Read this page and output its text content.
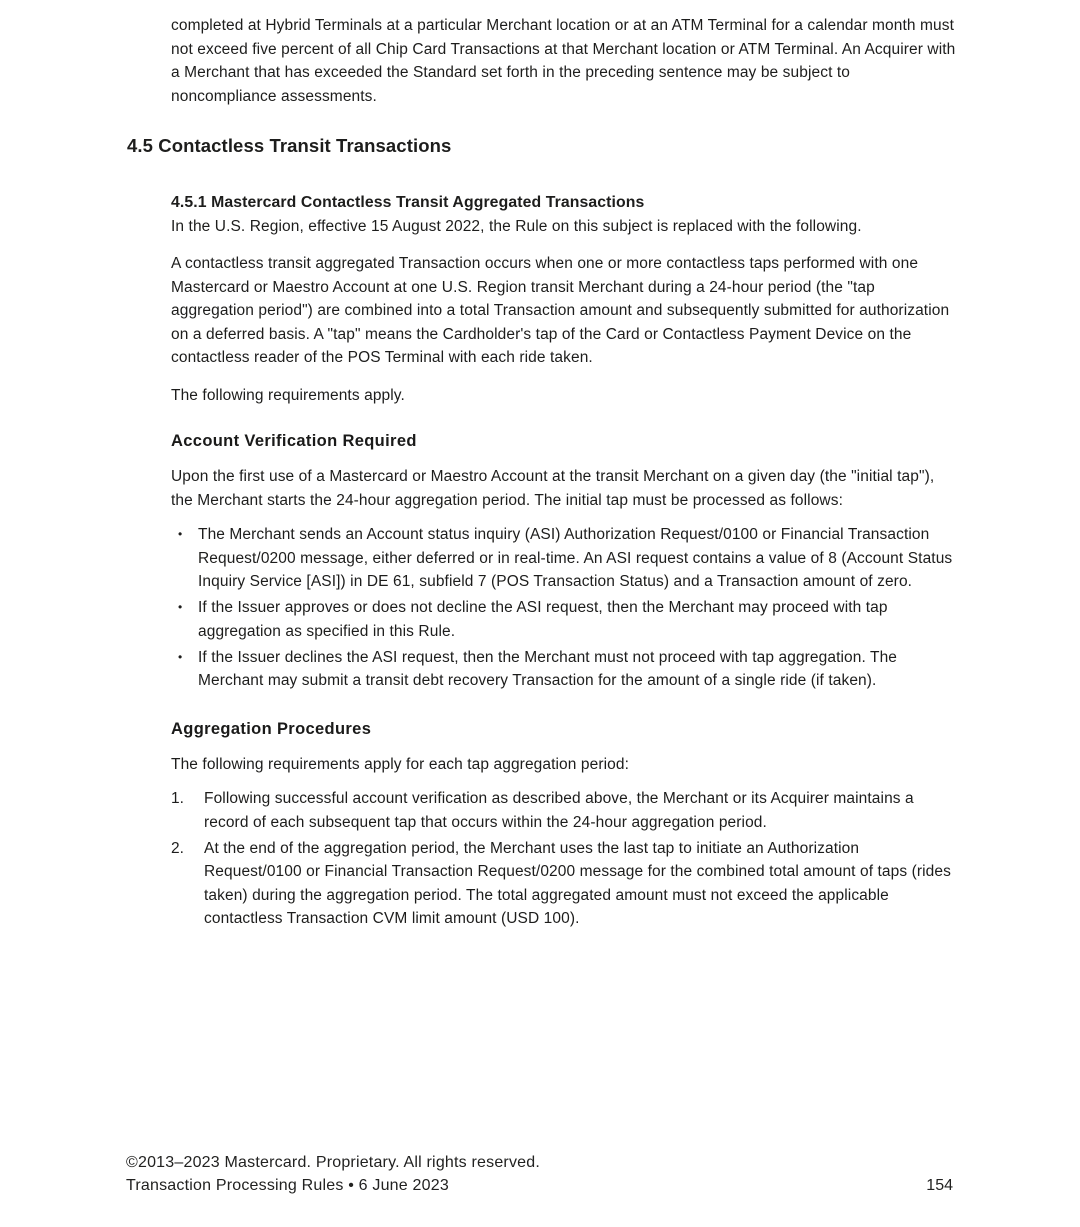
completed at Hybrid Terminals at a particular Merchant location or at an ATM Terminal for a calendar month must not exceed five percent of all Chip Card Transactions at that Merchant location or ATM Terminal. An Acquirer with a Merchant that has exceeded the Standard set forth in the preceding sentence may be subject to noncompliance assessments.

4.5 Contactless Transit Transactions
4.5.1 Mastercard Contactless Transit Aggregated Transactions

In the U.S. Region, effective 15 August 2022, the Rule on this subject is replaced with the following.

A contactless transit aggregated Transaction occurs when one or more contactless taps performed with one Mastercard or Maestro Account at one U.S. Region transit Merchant during a 24-hour period (the "tap aggregation period") are combined into a total Transaction amount and subsequently submitted for authorization on a deferred basis. A "tap" means the Cardholder's tap of the Card or Contactless Payment Device on the contactless reader of the POS Terminal with each ride taken.

The following requirements apply.

Account Verification Required

Upon the first use of a Mastercard or Maestro Account at the transit Merchant on a given day (the "initial tap"), the Merchant starts the 24-hour aggregation period. The initial tap must be processed as follows:

•	The Merchant sends an Account status inquiry (ASI) Authorization Request/0100 or Financial Transaction Request/0200 message, either deferred or in real-time. An ASI request contains a value of 8 (Account Status Inquiry Service [ASI]) in DE 61, subfield 7 (POS Transaction Status) and a Transaction amount of zero.
•	If the Issuer approves or does not decline the ASI request, then the Merchant may proceed with tap aggregation as specified in this Rule.
•	If the Issuer declines the ASI request, then the Merchant must not proceed with tap aggregation. The Merchant may submit a transit debt recovery Transaction for the amount of a single ride (if taken).
Aggregation Procedures

The following requirements apply for each tap aggregation period:

1.	Following successful account verification as described above, the Merchant or its Acquirer maintains a record of each subsequent tap that occurs within the 24-hour aggregation period.
2.	At the end of the aggregation period, the Merchant uses the last tap to initiate an Authorization Request/0100 or Financial Transaction Request/0200 message for the combined total amount of taps (rides taken) during the aggregation period. The total aggregated amount must not exceed the applicable contactless Transaction CVM limit amount (USD 100).
©2013–2023 Mastercard. Proprietary. All rights reserved.
Transaction Processing Rules • 6 June 2023	154
